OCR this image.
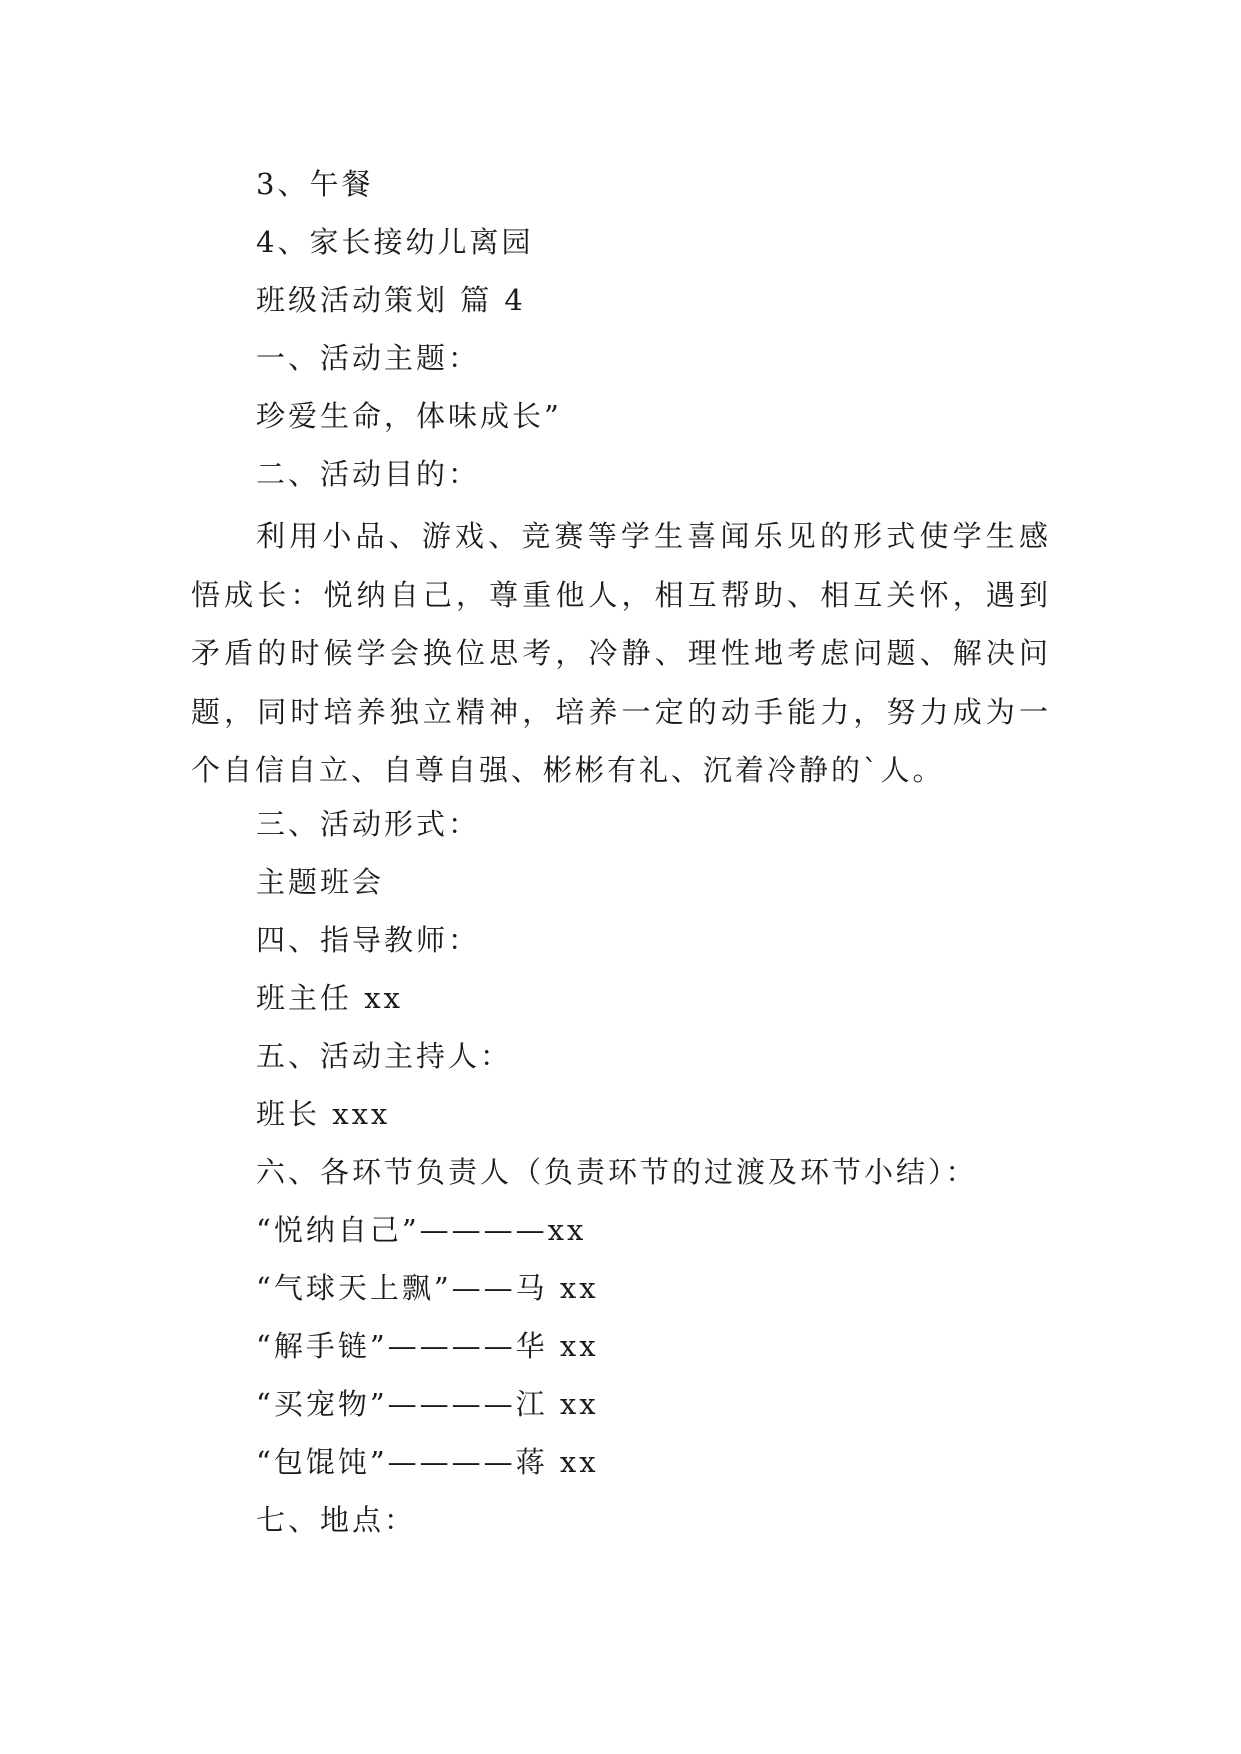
3、午餐
4、家长接幼儿离园
班级活动策划 篇 4
一、活动主题：
珍爱生命，体味成长”
二、活动目的：
利用小品、游戏、竞赛等学生喜闻乐见的形式使学生感悟成长：悦纳自己，尊重他人，相互帮助、相互关怀，遇到矛盾的时候学会换位思考，冷静、理性地考虑问题、解决问题，同时培养独立精神，培养一定的动手能力，努力成为一个自信自立、自尊自强、彬彬有礼、沉着冷静的`人。
三、活动形式：
主题班会
四、指导教师：
班主任 xx
五、活动主持人：
班长 xxx
六、各环节负责人（负责环节的过渡及环节小结）：
“悦纳自己”————xx
“气球天上飘”——马 xx
“解手链”————华 xx
“买宠物”————江 xx
“包馄饨”————蒋 xx
七、地点：
